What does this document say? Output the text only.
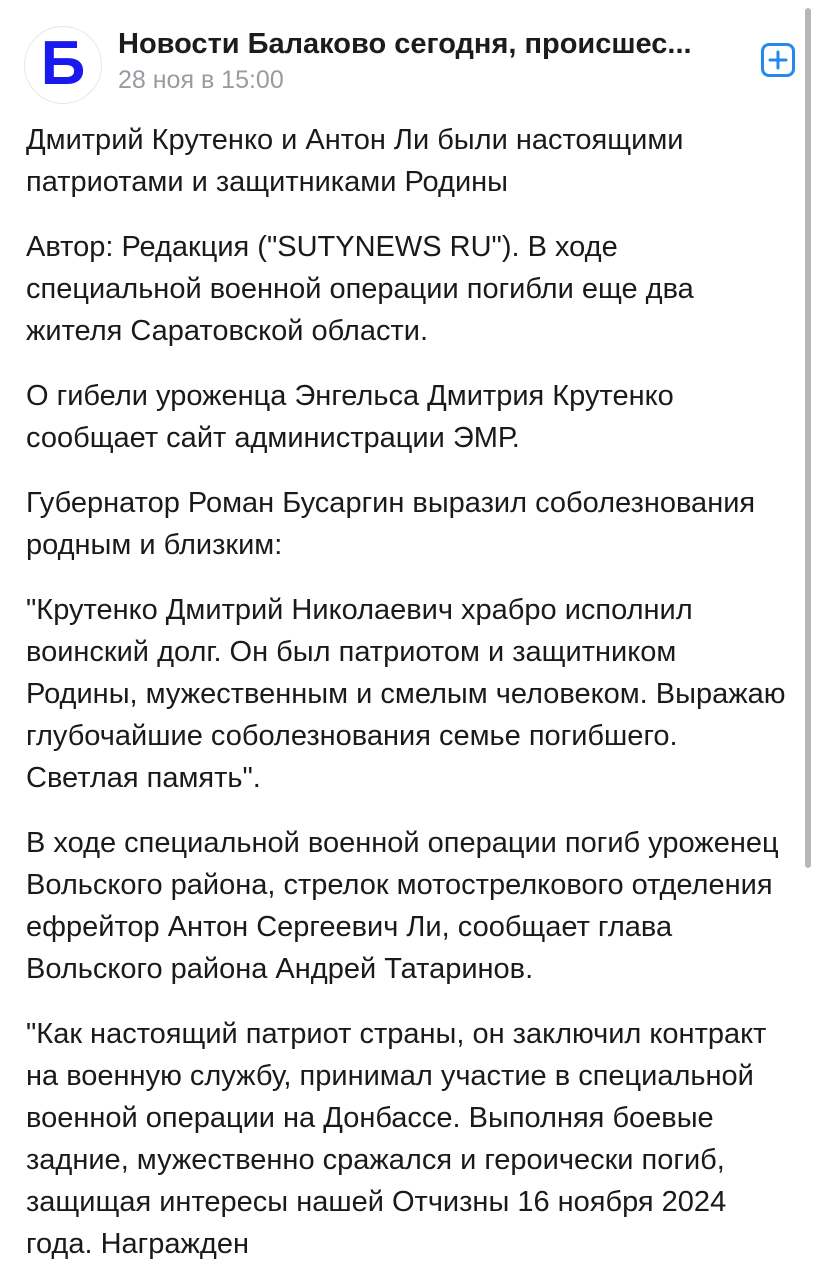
Б Новости Балаково сегодня, происшес...
28 ноя в 15:00

Дмитрий Крутенко и Антон Ли были настоящими патриотами и защитниками Родины

Автор: Редакция ("SUTYNEWS RU"). В ходе специальной военной операции погибли еще два жителя Саратовской области.

О гибели уроженца Энгельса Дмитрия Крутенко сообщает сайт администрации ЭМР.

Губернатор Роман Бусаргин выразил соболезнования родным и близким:

"Крутенко Дмитрий Николаевич храбро исполнил воинский долг. Он был патриотом и защитником Родины, мужественным и смелым человеком. Выражаю глубочайшие соболезнования семье погибшего. Светлая память".

В ходе специальной военной операции погиб уроженец Вольского района, стрелок мотострелкового отделения ефрейтор Антон Сергеевич Ли, сообщает глава Вольского района Андрей Татаринов.

"Как настоящий патриот страны, он заключил контракт на военную службу, принимал участие в специальной военной операции на Донбассе. Выполняя боевые задние, мужественно сражался и героически погиб, защищая интересы нашей Отчизны 16 ноября 2024 года. Награжден
